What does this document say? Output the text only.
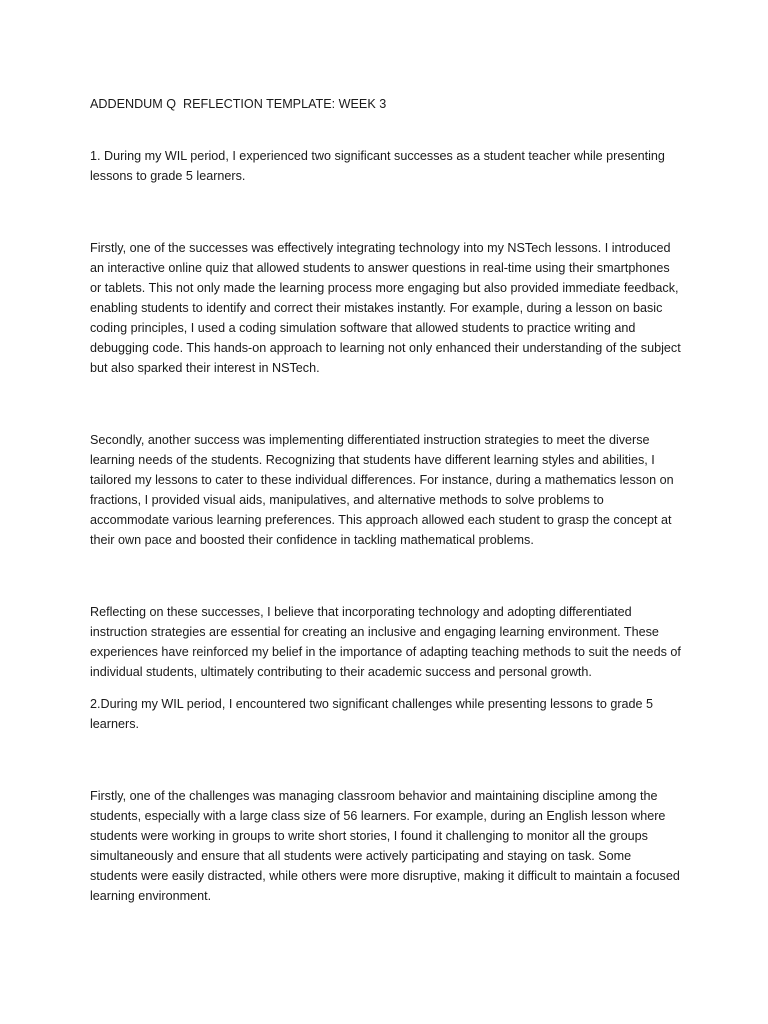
ADDENDUM Q  REFLECTION TEMPLATE: WEEK 3

1. During my WIL period, I experienced two significant successes as a student teacher while presenting lessons to grade 5 learners.

Firstly, one of the successes was effectively integrating technology into my NSTech lessons. I introduced an interactive online quiz that allowed students to answer questions in real-time using their smartphones or tablets. This not only made the learning process more engaging but also provided immediate feedback, enabling students to identify and correct their mistakes instantly. For example, during a lesson on basic coding principles, I used a coding simulation software that allowed students to practice writing and debugging code. This hands-on approach to learning not only enhanced their understanding of the subject but also sparked their interest in NSTech.

Secondly, another success was implementing differentiated instruction strategies to meet the diverse learning needs of the students. Recognizing that students have different learning styles and abilities, I tailored my lessons to cater to these individual differences. For instance, during a mathematics lesson on fractions, I provided visual aids, manipulatives, and alternative methods to solve problems to accommodate various learning preferences. This approach allowed each student to grasp the concept at their own pace and boosted their confidence in tackling mathematical problems.

Reflecting on these successes, I believe that incorporating technology and adopting differentiated instruction strategies are essential for creating an inclusive and engaging learning environment. These experiences have reinforced my belief in the importance of adapting teaching methods to suit the needs of individual students, ultimately contributing to their academic success and personal growth.

2.During my WIL period, I encountered two significant challenges while presenting lessons to grade 5 learners.

Firstly, one of the challenges was managing classroom behavior and maintaining discipline among the students, especially with a large class size of 56 learners. For example, during an English lesson where students were working in groups to write short stories, I found it challenging to monitor all the groups simultaneously and ensure that all students were actively participating and staying on task. Some students were easily distracted, while others were more disruptive, making it difficult to maintain a focused learning environment.
